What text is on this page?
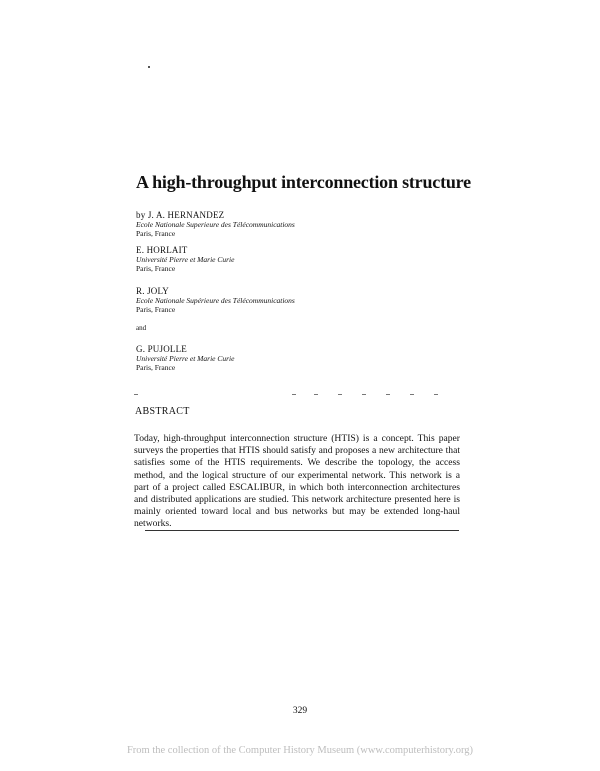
A high-throughput interconnection structure
by J. A. HERNANDEZ
Ecole Nationale Superieure des Télécommunications
Paris, France
E. HORLAIT
Université Pierre et Marie Curie
Paris, France
R. JOLY
Ecole Nationale Supérieure des Télécommunications
Paris, France
and
G. PUJOLLE
Université Pierre et Marie Curie
Paris, France
ABSTRACT
Today, high-throughput interconnection structure (HTIS) is a concept. This paper surveys the properties that HTIS should satisfy and proposes a new architecture that satisfies some of the HTIS requirements. We describe the topology, the access method, and the logical structure of our experimental network. This network is a part of a project called ESCALIBUR, in which both interconnection architectures and distributed applications are studied. This network architecture presented here is mainly oriented toward local and bus networks but may be extended long-haul networks.
329
From the collection of the Computer History Museum (www.computerhistory.org)
